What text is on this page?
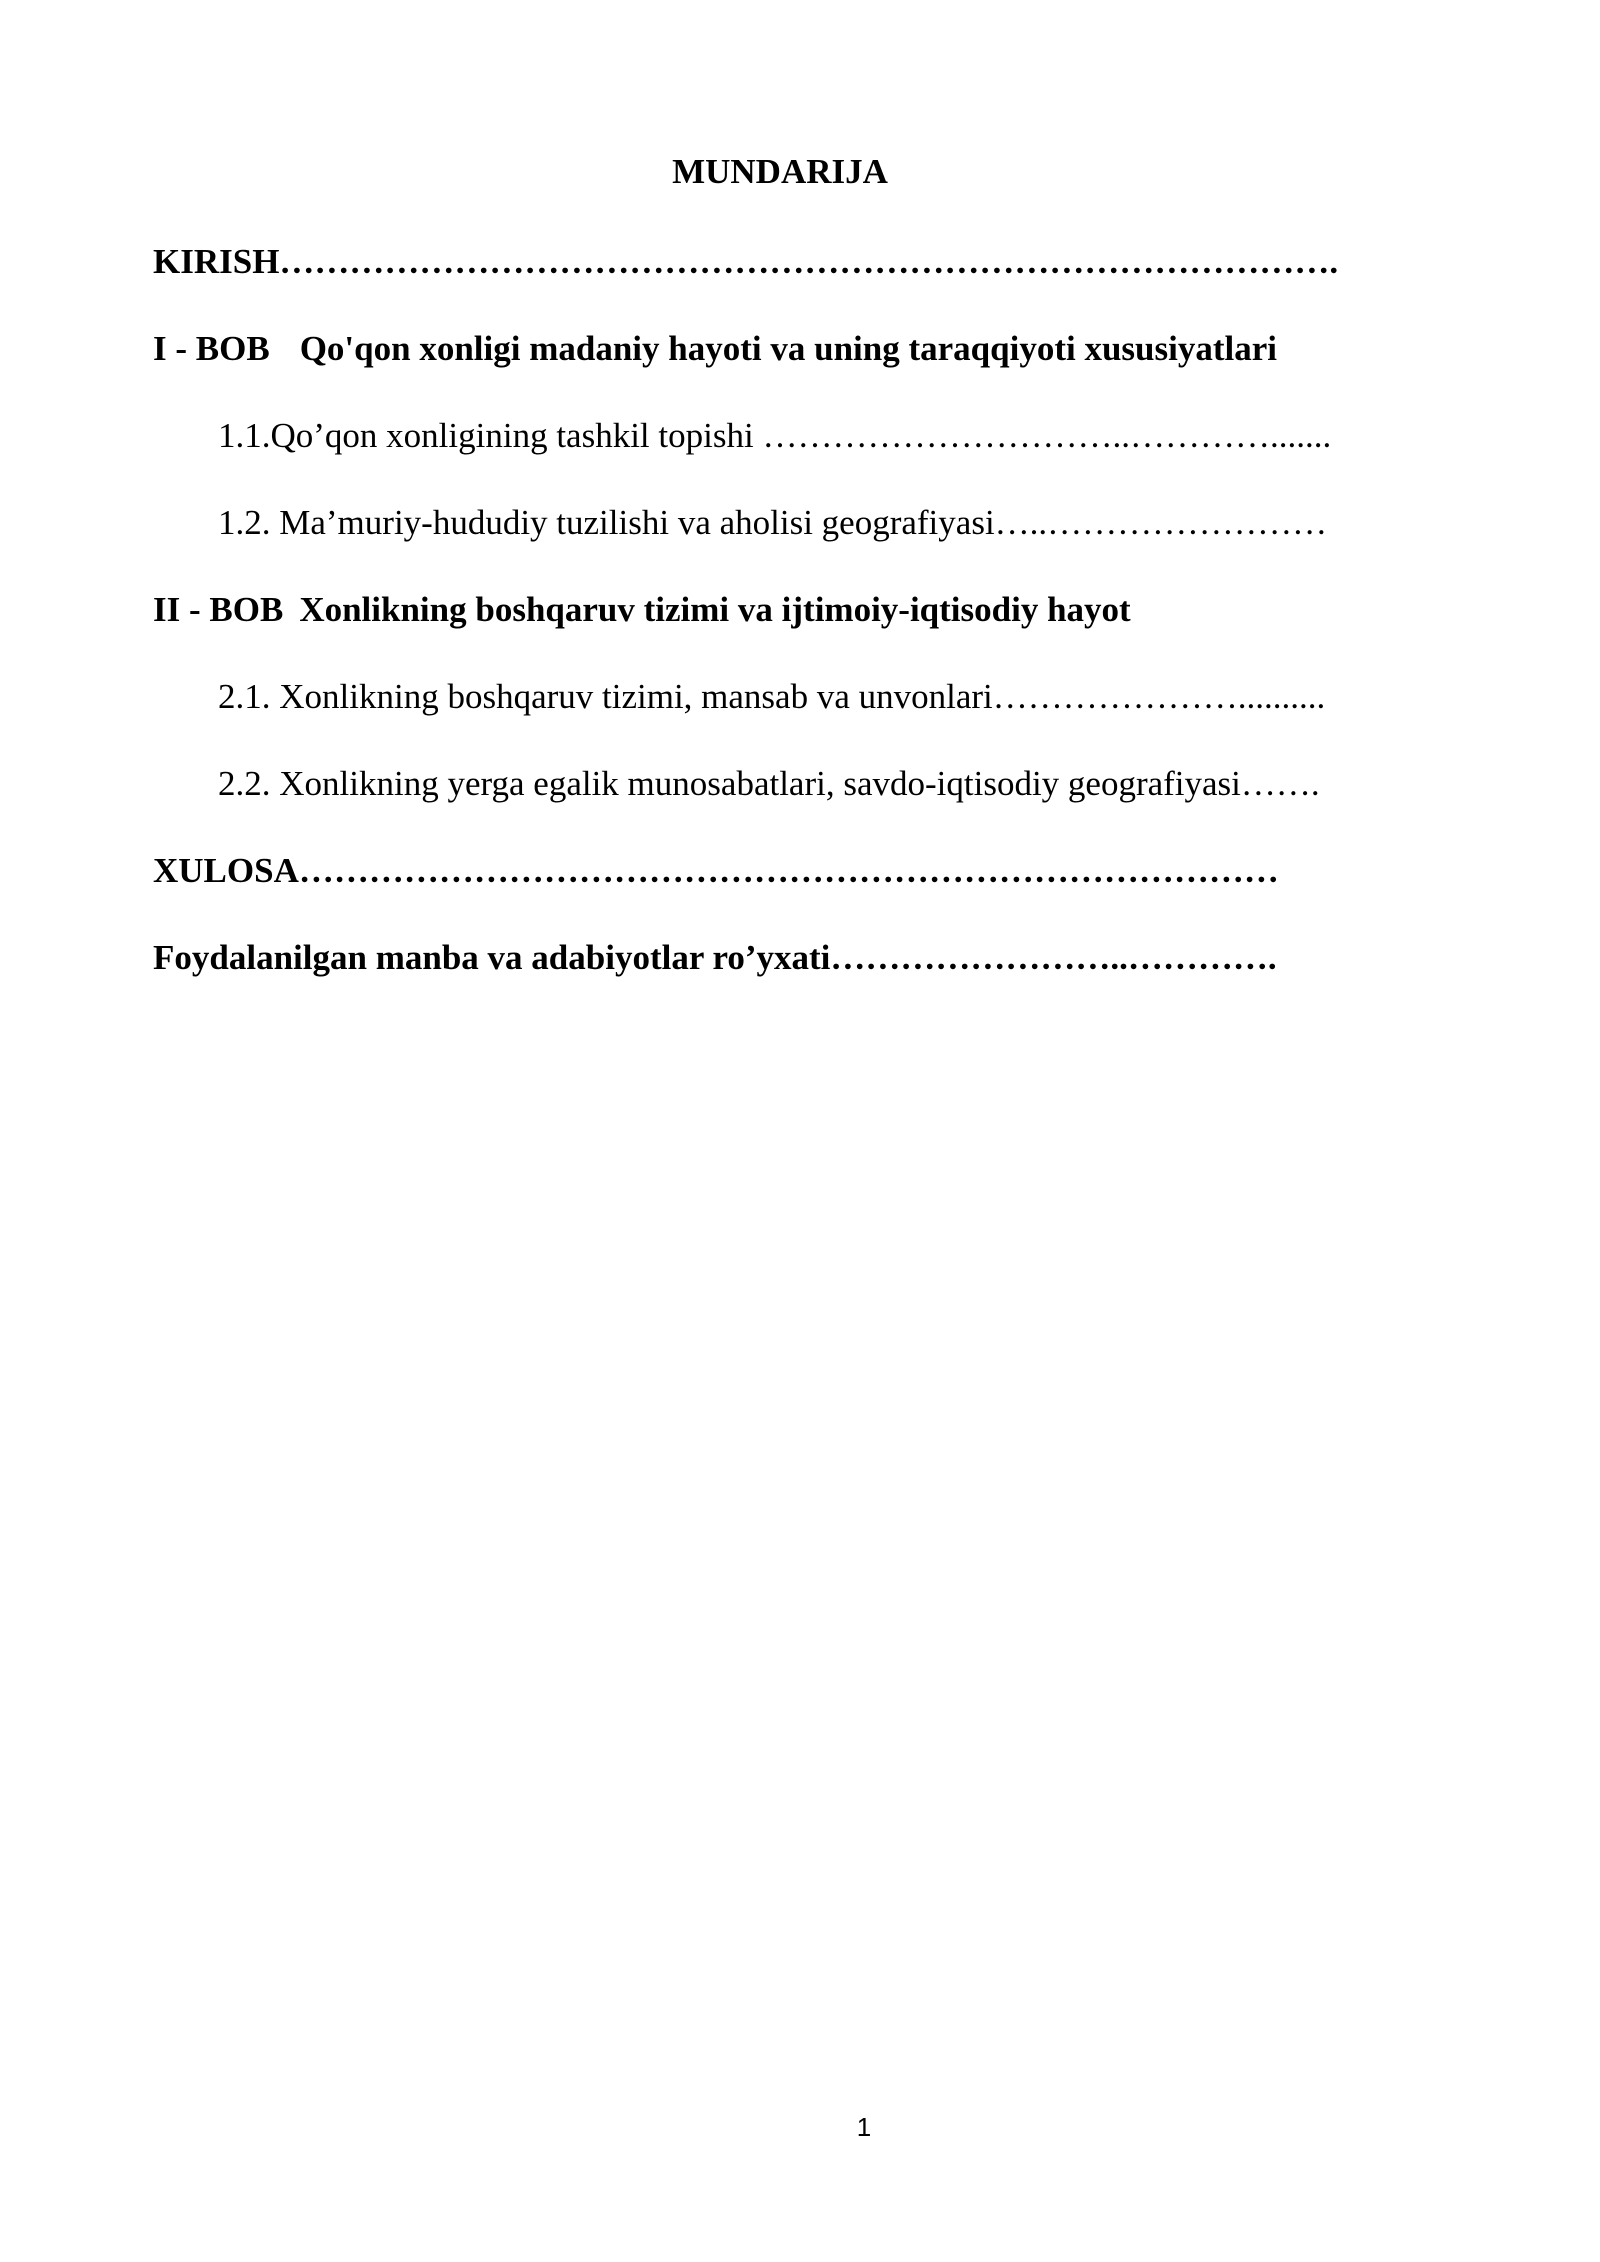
MUNDARIJA
KIRISH……………………………………………………………………………….
I - BOB Qo'qon xonligi madaniy hayoti va uning taraqqiyoti xususiyatlari
1.1.Qo’qon xonligining tashkil topishi …………………………..………….......
1.2. Ma’muriy-hududiy tuzilishi va aholisi geografiyasi…..……………………
II - BOB Xonlikning boshqaruv tizimi va ijtimoiy-iqtisodiy hayot
2.1. Xonlikning boshqaruv tizimi, mansab va unvonlari…………………..........
2.2. Xonlikning yerga egalik munosabatlari, savdo-iqtisodiy geografiyasi…….
XULOSA…………………………………………………………………………
Foydalanilgan manba va adabiyotlar ro’yxati……………………..………….
1
